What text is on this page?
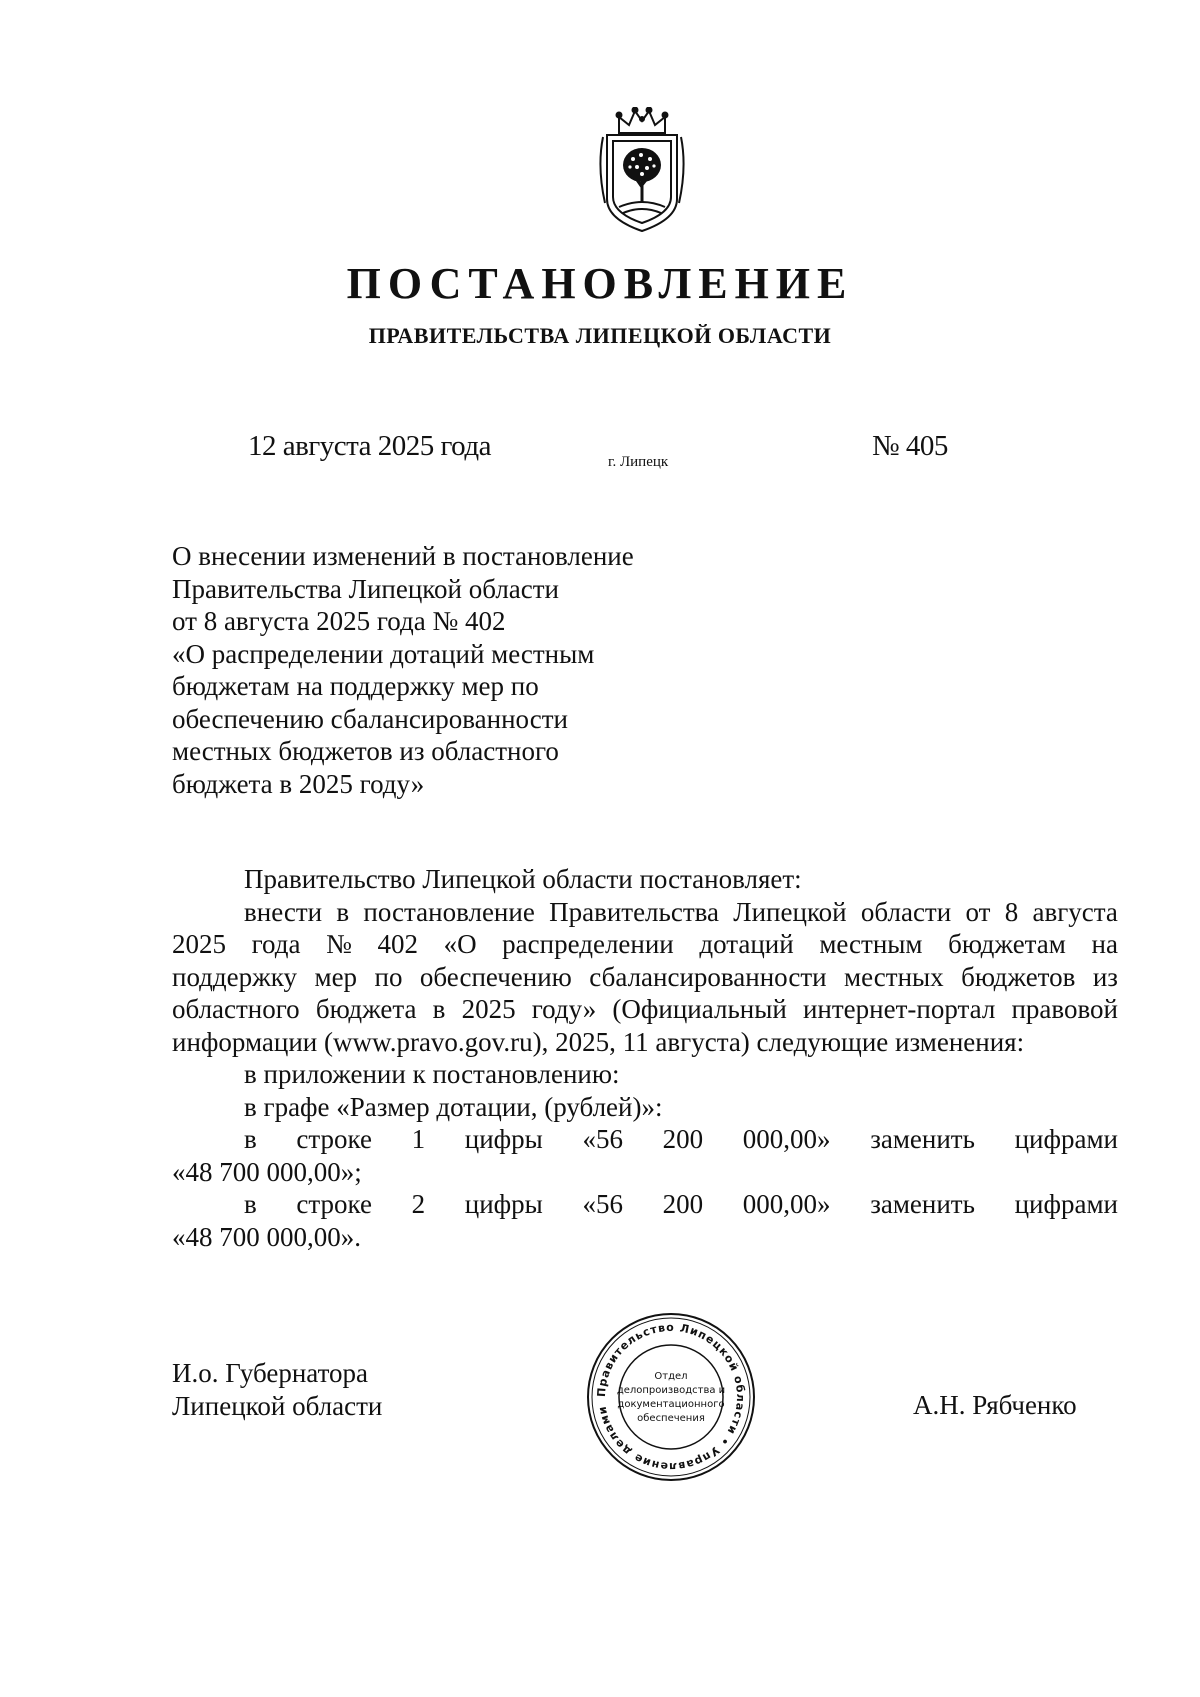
ПОСТАНОВЛЕНИЕ
ПРАВИТЕЛЬСТВА ЛИПЕЦКОЙ ОБЛАСТИ
12 августа 2025 года	г. Липецк	№ 405
О внесении изменений в постановление
Правительства Липецкой области
от 8 августа 2025 года № 402
«О распределении дотаций местным
бюджетам на поддержку мер по
обеспечению сбалансированности
местных бюджетов из областного
бюджета в 2025 году»
Правительство Липецкой области постановляет:
внести в постановление Правительства Липецкой области от 8 августа
2025 года № 402 «О распределении дотаций местным бюджетам на
поддержку мер по обеспечению сбалансированности местных бюджетов из
областного бюджета в 2025 году» (Официальный интернет-портал правовой
информации (www.pravo.gov.ru), 2025, 11 августа) следующие изменения:
в приложении к постановлению:
в графе «Размер дотации, (рублей)»:
в строке 1 цифры «56 200 000,00» заменить цифрами
«48 700 000,00»;
в строке 2 цифры «56 200 000,00» заменить цифрами
«48 700 000,00».
И.о. Губернатора
Липецкой области	Правительство Липецкой области • Управление делами
Отдел
делопроизводства и
документационного
обеспечения	А.Н. Рябченко
